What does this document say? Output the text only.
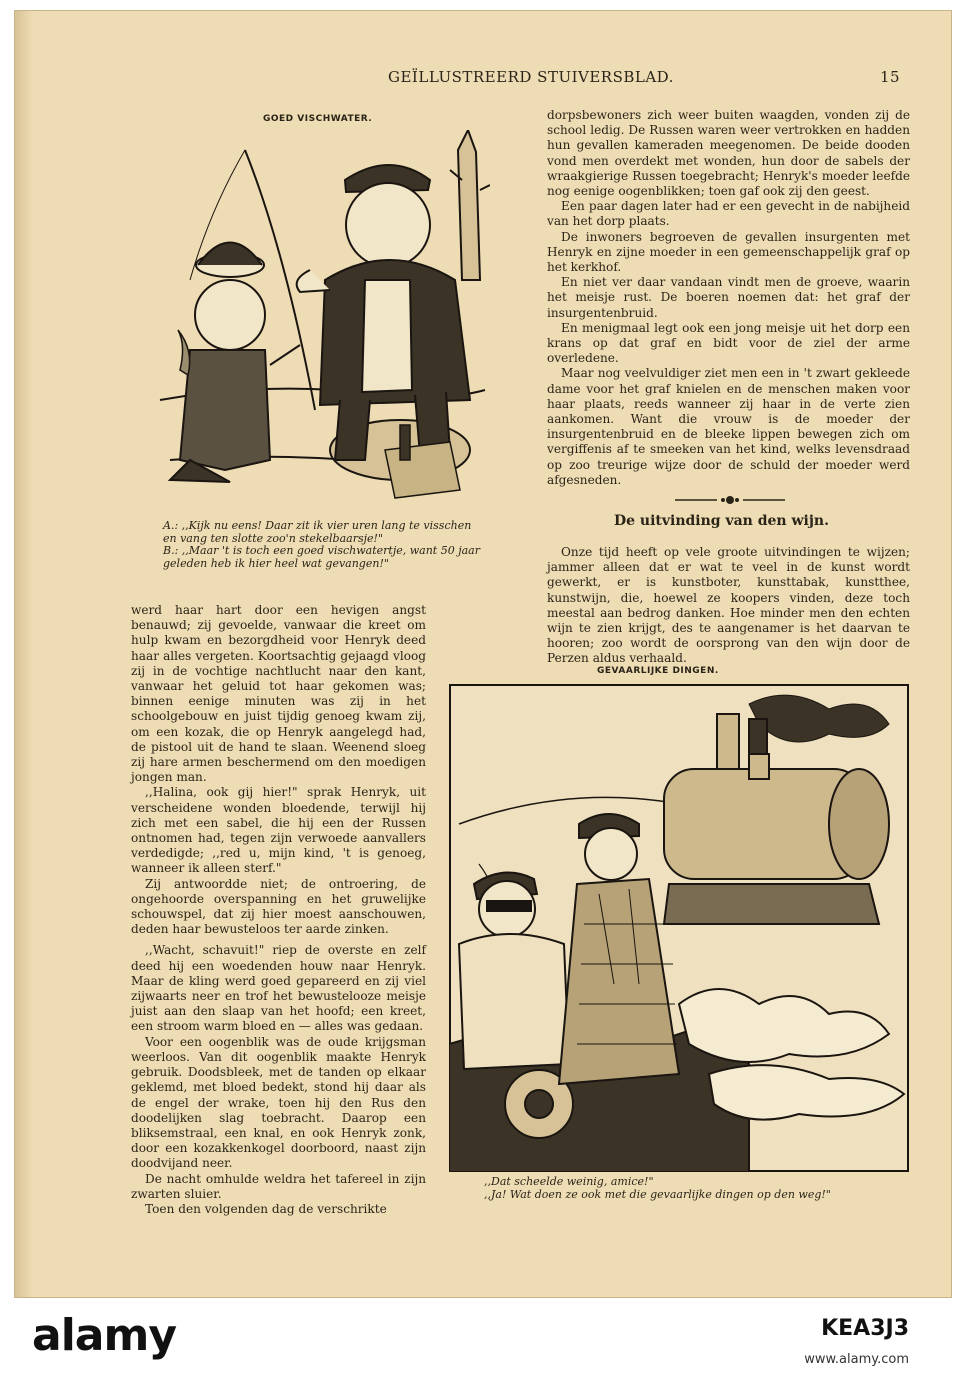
GEÏLLUSTREERD STUIVERSBLAD.	15
GOED VISCHWATER.

A.: ,,Kijk nu eens! Daar zit ik vier uren lang te visschen en vang ten slotte zoo'n stekelbaarsje!"

B.: ,,Maar 't is toch een goed vischwatertje, want 50 jaar geleden heb ik hier heel wat gevangen!"

werd haar hart door een hevigen angst benauwd; zij gevoelde, vanwaar die kreet om hulp kwam en bezorgdheid voor Henryk deed haar alles vergeten. Koortsachtig gejaagd vloog zij in de vochtige nachtlucht naar den kant, vanwaar het geluid tot haar gekomen was; binnen eenige minuten was zij in het schoolgebouw en juist tijdig genoeg kwam zij, om een kozak, die op Henryk aangelegd had, de pistool uit de hand te slaan. Weenend sloeg zij hare armen beschermend om den moedigen jongen man.

,,Halina, ook gij hier!" sprak Henryk, uit verscheidene wonden bloedende, terwijl hij zich met een sabel, die hij een der Russen ontnomen had, tegen zijn verwoede aanvallers verdedigde; ,,red u, mijn kind, 't is genoeg, wanneer ik alleen sterf."

Zij antwoordde niet; de ontroering, de ongehoorde overspanning en het gruwelijke schouwspel, dat zij hier moest aanschouwen, deden haar bewusteloos ter aarde zinken.

,,Wacht, schavuit!" riep de overste en zelf deed hij een woedenden houw naar Henryk. Maar de kling werd goed gepareerd en zij viel zijwaarts neer en trof het bewustelooze meisje juist aan den slaap van het hoofd; een kreet, een stroom warm bloed en — alles was gedaan.

Voor een oogenblik was de oude krijgsman weerloos. Van dit oogenblik maakte Henryk gebruik. Doodsbleek, met de tanden op elkaar geklemd, met bloed bedekt, stond hij daar als de engel der wrake, toen hij den Rus den doodelijken slag toebracht. Daarop een bliksemstraal, een knal, en ook Henryk zonk, door een kozakkenkogel doorboord, naast zijn doodvijand neer.

De nacht omhulde weldra het tafereel in zijn zwarten sluier.

Toen den volgenden dag de verschrikte

dorpsbewoners zich weer buiten waagden, vonden zij de school ledig. De Russen waren weer vertrokken en hadden hun gevallen kameraden meegenomen. De beide dooden vond men overdekt met wonden, hun door de sabels der wraakgierige Russen toegebracht; Henryk's moeder leefde nog eenige oogenblikken; toen gaf ook zij den geest.

Een paar dagen later had er een gevecht in de nabijheid van het dorp plaats.

De inwoners begroeven de gevallen insurgenten met Henryk en zijne moeder in een gemeenschappelijk graf op het kerkhof.

En niet ver daar vandaan vindt men de groeve, waarin het meisje rust. De boeren noemen dat: het graf der insurgentenbruid.

En menigmaal legt ook een jong meisje uit het dorp een krans op dat graf en bidt voor de ziel der arme overledene.

Maar nog veelvuldiger ziet men een in 't zwart gekleede dame voor het graf knielen en de menschen maken voor haar plaats, reeds wanneer zij haar in de verte zien aankomen. Want die vrouw is de moeder der insurgentenbruid en de bleeke lippen bewegen zich om vergiffenis af te smeeken van het kind, welks levensdraad op zoo treurige wijze door de schuld der moeder werd afgesneden.

De uitvinding van den wijn.

Onze tijd heeft op vele groote uitvindingen te wijzen; jammer alleen dat er wat te veel in de kunst wordt gewerkt, er is kunstboter, kunsttabak, kunstthee, kunstwijn, die, hoewel ze koopers vinden, deze toch meestal aan bedrog danken. Hoe minder men den echten wijn te zien krijgt, des te aangenamer is het daarvan te hooren; zoo wordt de oorsprong van den wijn door de Perzen aldus verhaald.

GEVAARLIJKE DINGEN.

,,Dat scheelde weinig, amice!"

,,Ja! Wat doen ze ook met die gevaarlijke dingen op den weg!"

alamy	KEA3J3
www.alamy.com
